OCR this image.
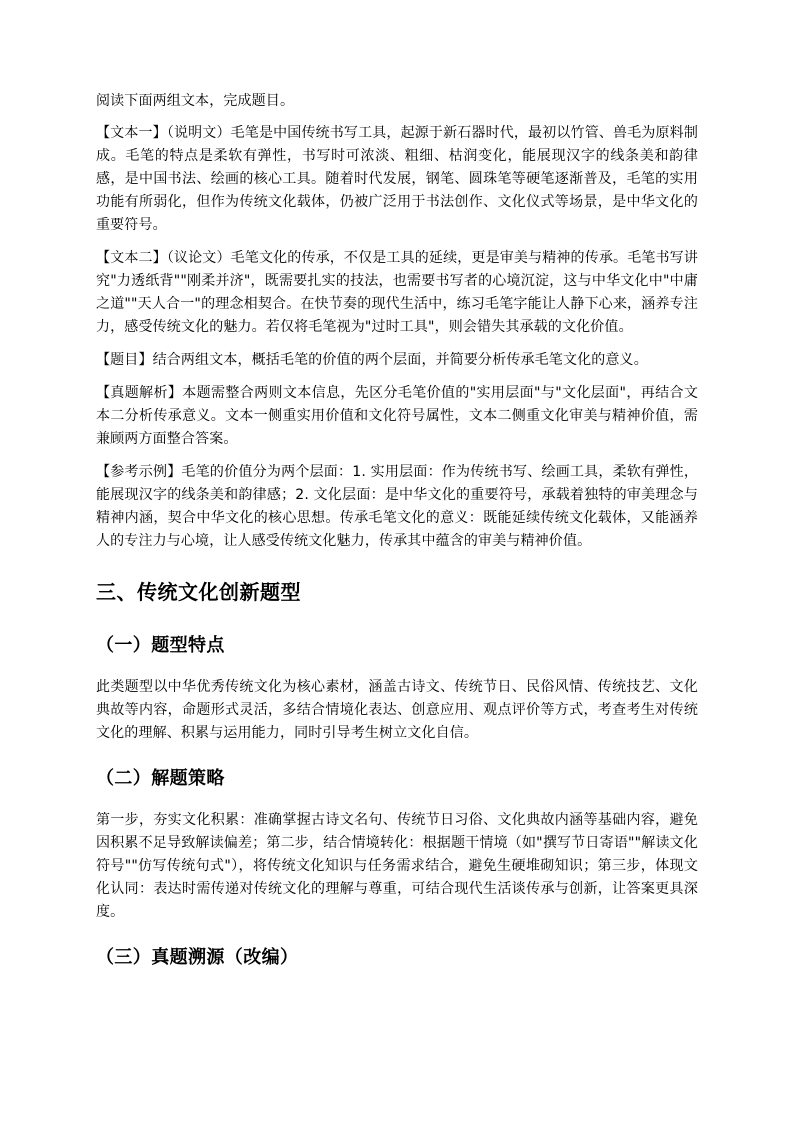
阅读下面两组文本，完成题目。

【文本一】（说明文）毛笔是中国传统书写工具，起源于新石器时代，最初以竹管、兽毛为原料制成。毛笔的特点是柔软有弹性，书写时可浓淡、粗细、枯润变化，能展现汉字的线条美和韵律感，是中国书法、绘画的核心工具。随着时代发展，钢笔、圆珠笔等硬笔逐渐普及，毛笔的实用功能有所弱化，但作为传统文化载体，仍被广泛用于书法创作、文化仪式等场景，是中华文化的重要符号。

【文本二】（议论文）毛笔文化的传承，不仅是工具的延续，更是审美与精神的传承。毛笔书写讲究"力透纸背""刚柔并济"，既需要扎实的技法，也需要书写者的心境沉淀，这与中华文化中"中庸之道""天人合一"的理念相契合。在快节奏的现代生活中，练习毛笔字能让人静下心来，涵养专注力，感受传统文化的魅力。若仅将毛笔视为"过时工具"，则会错失其承载的文化价值。

【题目】结合两组文本，概括毛笔的价值的两个层面，并简要分析传承毛笔文化的意义。

【真题解析】本题需整合两则文本信息，先区分毛笔价值的"实用层面"与"文化层面"，再结合文本二分析传承意义。文本一侧重实用价值和文化符号属性，文本二侧重文化审美与精神价值，需兼顾两方面整合答案。

【参考示例】毛笔的价值分为两个层面：1. 实用层面：作为传统书写、绘画工具，柔软有弹性，能展现汉字的线条美和韵律感；2. 文化层面：是中华文化的重要符号，承载着独特的审美理念与精神内涵，契合中华文化的核心思想。传承毛笔文化的意义：既能延续传统文化载体，又能涵养人的专注力与心境，让人感受传统文化魅力，传承其中蕴含的审美与精神价值。

三、传统文化创新题型
（一）题型特点

此类题型以中华优秀传统文化为核心素材，涵盖古诗文、传统节日、民俗风情、传统技艺、文化典故等内容，命题形式灵活，多结合情境化表达、创意应用、观点评价等方式，考查考生对传统文化的理解、积累与运用能力，同时引导考生树立文化自信。

（二）解题策略

第一步，夯实文化积累：准确掌握古诗文名句、传统节日习俗、文化典故内涵等基础内容，避免因积累不足导致解读偏差；第二步，结合情境转化：根据题干情境（如"撰写节日寄语""解读文化符号""仿写传统句式"），将传统文化知识与任务需求结合，避免生硬堆砌知识；第三步，体现文化认同：表达时需传递对传统文化的理解与尊重，可结合现代生活谈传承与创新，让答案更具深度。

（三）真题溯源（改编）
